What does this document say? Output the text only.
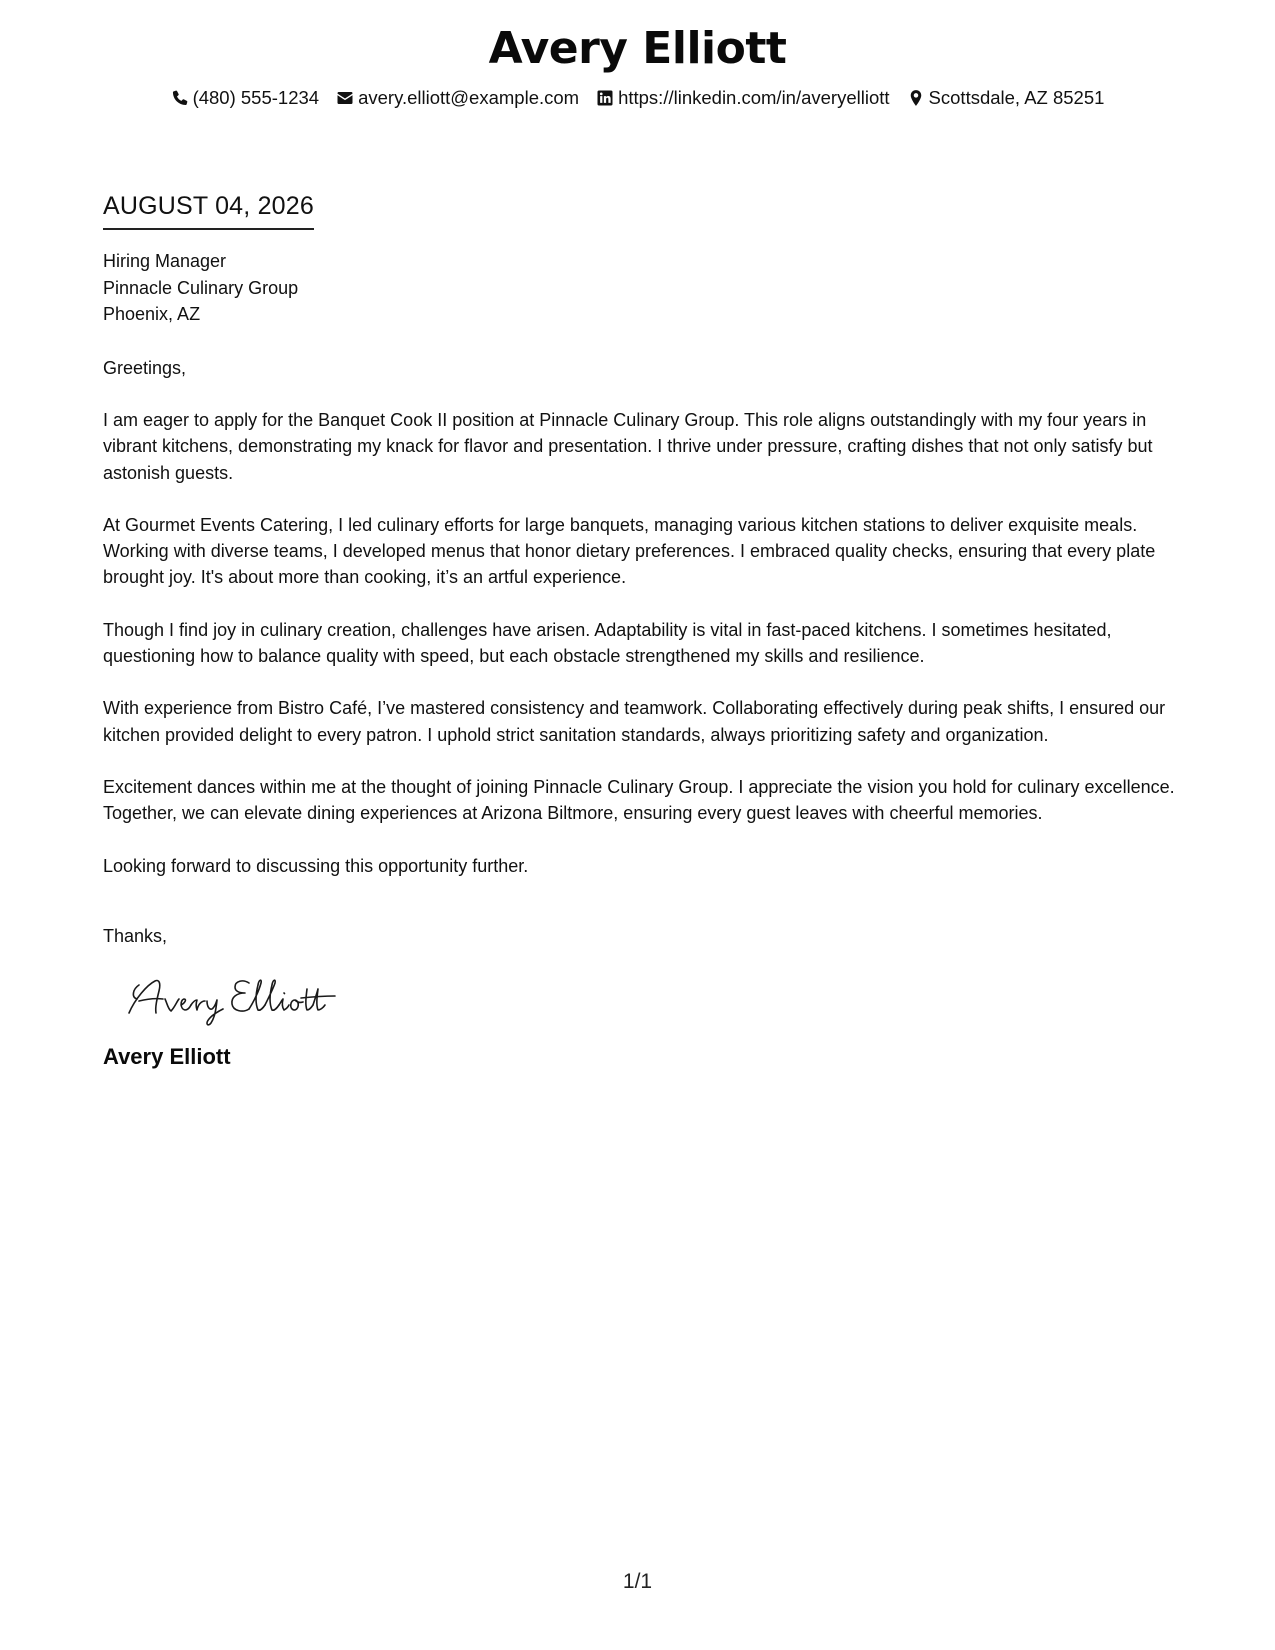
Avery Elliott
(480) 555-1234 avery.elliott@example.com https://linkedin.com/in/averyelliott Scottsdale, AZ 85251
AUGUST 04, 2026
Hiring Manager
Pinnacle Culinary Group
Phoenix, AZ
Greetings,
I am eager to apply for the Banquet Cook II position at Pinnacle Culinary Group. This role aligns outstandingly with my four years in vibrant kitchens, demonstrating my knack for flavor and presentation. I thrive under pressure, crafting dishes that not only satisfy but astonish guests.
At Gourmet Events Catering, I led culinary efforts for large banquets, managing various kitchen stations to deliver exquisite meals. Working with diverse teams, I developed menus that honor dietary preferences. I embraced quality checks, ensuring that every plate brought joy. It's about more than cooking, it’s an artful experience.
Though I find joy in culinary creation, challenges have arisen. Adaptability is vital in fast-paced kitchens. I sometimes hesitated, questioning how to balance quality with speed, but each obstacle strengthened my skills and resilience.
With experience from Bistro Café, I’ve mastered consistency and teamwork. Collaborating effectively during peak shifts, I ensured our kitchen provided delight to every patron. I uphold strict sanitation standards, always prioritizing safety and organization.
Excitement dances within me at the thought of joining Pinnacle Culinary Group. I appreciate the vision you hold for culinary excellence. Together, we can elevate dining experiences at Arizona Biltmore, ensuring every guest leaves with cheerful memories.
Looking forward to discussing this opportunity further.
Thanks,
Avery Elliott
1/1
